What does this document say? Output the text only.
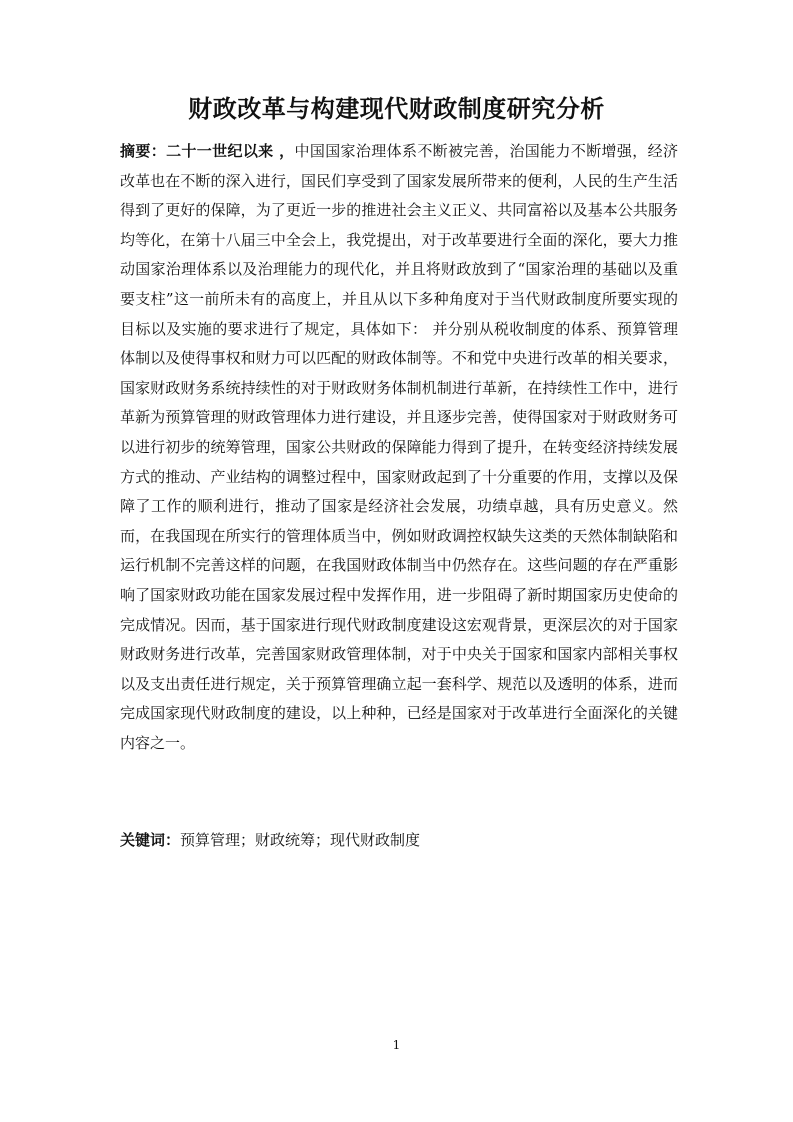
财政改革与构建现代财政制度研究分析
摘要：二十一世纪以来 ，中国国家治理体系不断被完善，治国能力不断增强，经济改革也在不断的深入进行，国民们享受到了国家发展所带来的便利，人民的生产生活得到了更好的保障，为了更近一步的推进社会主义正义、共同富裕以及基本公共服务均等化，在第十八届三中全会上，我党提出，对于改革要进行全面的深化，要大力推动国家治理体系以及治理能力的现代化，并且将财政放到了“国家治理的基础以及重要支柱”这一前所未有的高度上，并且从以下多种角度对于当代财政制度所要实现的目标以及实施的要求进行了规定，具体如下： 并分别从税收制度的体系、预算管理体制以及使得事权和财力可以匹配的财政体制等。不和党中央进行改革的相关要求，国家财政财务系统持续性的对于财政财务体制机制进行革新，在持续性工作中，进行革新为预算管理的财政管理体力进行建设，并且逐步完善，使得国家对于财政财务可以进行初步的统筹管理，国家公共财政的保障能力得到了提升，在转变经济持续发展方式的推动、产业结构的调整过程中，国家财政起到了十分重要的作用，支撑以及保障了工作的顺利进行，推动了国家是经济社会发展，功绩卓越，具有历史意义。然而，在我国现在所实行的管理体质当中，例如财政调控权缺失这类的天然体制缺陷和运行机制不完善这样的问题，在我国财政体制当中仍然存在。这些问题的存在严重影响了国家财政功能在国家发展过程中发挥作用，进一步阻碍了新时期国家历史使命的完成情况。因而，基于国家进行现代财政制度建设这宏观背景，更深层次的对于国家财政财务进行改革，完善国家财政管理体制，对于中央关于国家和国家内部相关事权以及支出责任进行规定，关于预算管理确立起一套科学、规范以及透明的体系，进而完成国家现代财政制度的建设，以上种种，已经是国家对于改革进行全面深化的关键内容之一。
关键词：预算管理；财政统筹；现代财政制度
1
